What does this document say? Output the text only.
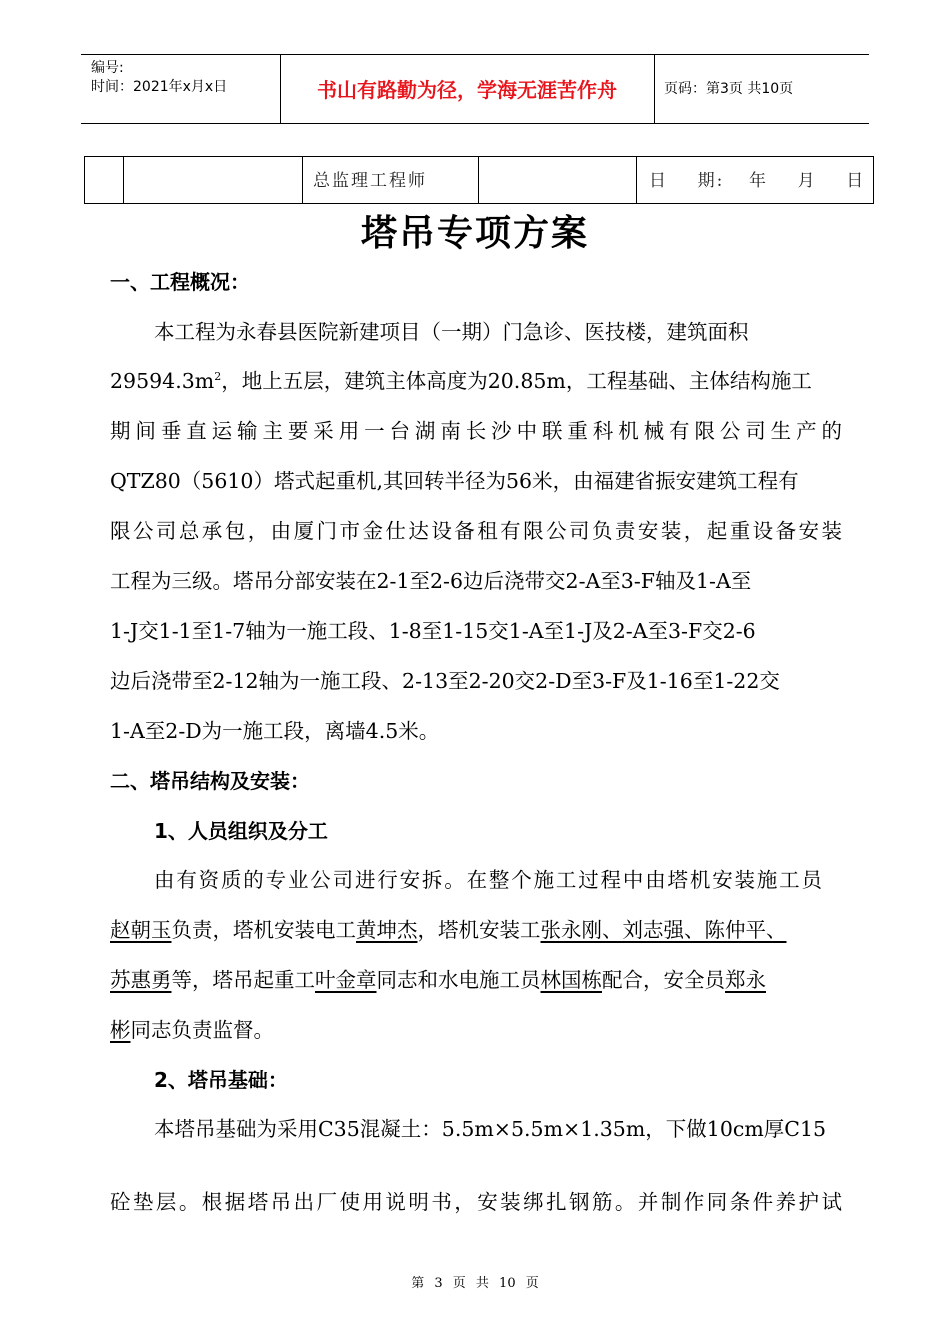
编号:
时间：2021年x月x日	书山有路勤为径，学海无涯苦作舟	页码：第3页 共10页
总监理工程师	日    期: 年    月    日
塔吊专项方案
一、工程概况：
本工程为永春县医院新建项目（一期）门急诊、医技楼，建筑面积
$29594.3m^2$，地上五层，建筑主体高度为20.85m，工程基础、主体结构施工
期间垂直运输主要采用一台湖南长沙中联重科机械有限公司生产的
QTZ80（5610）塔式起重机,其回转半径为56米，由福建省振安建筑工程有
限公司总承包，由厦门市金仕达设备租有限公司负责安装，起重设备安装
工程为三级。塔吊分部安装在2-1至2-6边后浇带交2-A至3-F轴及1-A至
1-J交1-1至1-7轴为一施工段、1-8至1-15交1-A至1-J及2-A至3-F交2-6
边后浇带至2-12轴为一施工段、2-13至2-20交2-D至3-F及1-16至1-22交
1-A至2-D为一施工段，离墙4.5米。
二、塔吊结构及安装：
1、人员组织及分工
由有资质的专业公司进行安拆。在整个施工过程中由塔机安装施工员
赵朝玉负责，塔机安装电工黄坤杰，塔机安装工张永刚、刘志强、陈仲平、
苏惠勇等，塔吊起重工叶金章同志和水电施工员林国栋配合，安全员郑永
彬同志负责监督。
2、塔吊基础：
本塔吊基础为采用C35混凝土：5.5m×5.5m×1.35m，下做10cm厚C15
砼垫层。根据塔吊出厂使用说明书，安装绑扎钢筋。并制作同条件养护试
第 3 页 共 10 页
